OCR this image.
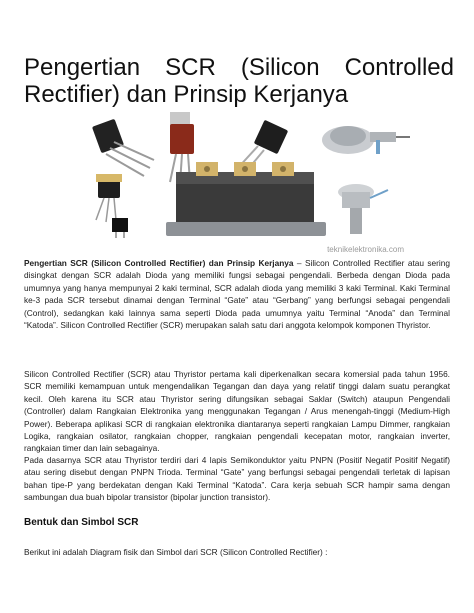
Pengertian SCR (Silicon Controlled Rectifier) dan Prinsip Kerjanya
teknikelektronika.com

Pengertian SCR (Silicon Controlled Rectifier) dan Prinsip Kerjanya – Silicon Controlled Rectifier atau sering disingkat dengan SCR adalah Dioda yang memiliki fungsi sebagai pengendali. Berbeda dengan Dioda pada umumnya yang hanya mempunyai 2 kaki terminal, SCR adalah dioda yang memiliki 3 kaki Terminal. Kaki Terminal ke-3 pada SCR tersebut dinamai dengan Terminal “Gate” atau “Gerbang” yang berfungsi sebagai pengendali (Control), sedangkan kaki lainnya sama seperti Dioda pada umumnya yaitu Terminal “Anoda” dan Terminal “Katoda”. Silicon Controlled Rectifier (SCR) merupakan salah satu dari anggota kelompok komponen Thyristor.

Silicon Controlled Rectifier (SCR) atau Thyristor pertama kali diperkenalkan secara komersial pada tahun 1956. SCR memiliki kemampuan untuk mengendalikan Tegangan dan daya yang relatif tinggi dalam suatu perangkat kecil. Oleh karena itu SCR atau Thyristor sering difungsikan sebagai Saklar (Switch) ataupun Pengendali (Controller) dalam Rangkaian Elektronika yang menggunakan Tegangan / Arus menengah-tinggi (Medium-High Power). Beberapa aplikasi SCR di rangkaian elektronika diantaranya seperti rangkaian Lampu Dimmer, rangkaian Logika, rangkaian osilator, rangkaian chopper, rangkaian pengendali kecepatan motor, rangkaian inverter, rangkaian timer dan lain sebagainya.

Pada dasarnya SCR atau Thyristor terdiri dari 4 lapis Semikonduktor yaitu PNPN (Positif Negatif Positif Negatif) atau sering disebut dengan PNPN Trioda. Terminal “Gate” yang berfungsi sebagai pengendali terletak di lapisan bahan tipe-P yang berdekatan dengan Kaki Terminal “Katoda”. Cara kerja sebuah SCR hampir sama dengan sambungan dua buah bipolar transistor (bipolar junction transistor).

Bentuk dan Simbol SCR

Berikut ini adalah Diagram fisik dan Simbol dari SCR (Silicon Controlled Rectifier) :
